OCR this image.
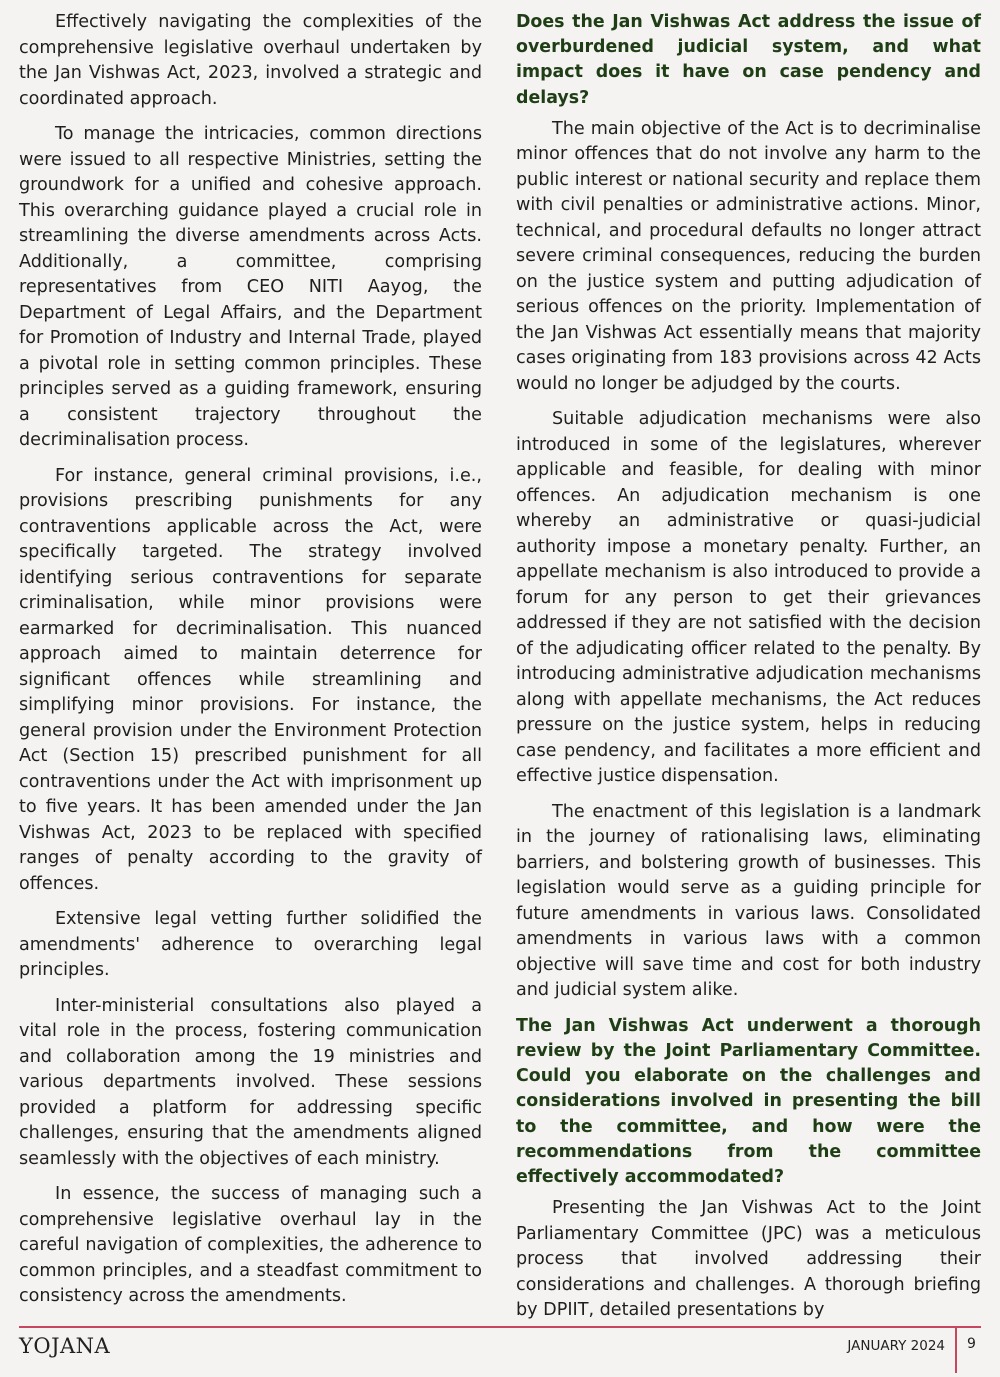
Effectively navigating the complexities of the comprehensive legislative overhaul undertaken by the Jan Vishwas Act, 2023, involved a strategic and coordinated approach.

To manage the intricacies, common directions were issued to all respective Ministries, setting the groundwork for a unified and cohesive approach. This overarching guidance played a crucial role in streamlining the diverse amendments across Acts. Additionally, a committee, comprising representatives from CEO NITI Aayog, the Department of Legal Affairs, and the Department for Promotion of Industry and Internal Trade, played a pivotal role in setting common principles. These principles served as a guiding framework, ensuring a consistent trajectory throughout the decriminalisation process.

For instance, general criminal provisions, i.e., provisions prescribing punishments for any contraventions applicable across the Act, were specifically targeted. The strategy involved identifying serious contraventions for separate criminalisation, while minor provisions were earmarked for decriminalisation. This nuanced approach aimed to maintain deterrence for significant offences while streamlining and simplifying minor provisions. For instance, the general provision under the Environment Protection Act (Section 15) prescribed punishment for all contraventions under the Act with imprisonment up to five years. It has been amended under the Jan Vishwas Act, 2023 to be replaced with specified ranges of penalty according to the gravity of offences.

Extensive legal vetting further solidified the amendments' adherence to overarching legal principles.

Inter-ministerial consultations also played a vital role in the process, fostering communication and collaboration among the 19 ministries and various departments involved. These sessions provided a platform for addressing specific challenges, ensuring that the amendments aligned seamlessly with the objectives of each ministry.

In essence, the success of managing such a comprehensive legislative overhaul lay in the careful navigation of complexities, the adherence to common principles, and a steadfast commitment to consistency across the amendments.

Does the Jan Vishwas Act address the issue of overburdened judicial system, and what impact does it have on case pendency and delays?

The main objective of the Act is to decriminalise minor offences that do not involve any harm to the public interest or national security and replace them with civil penalties or administrative actions. Minor, technical, and procedural defaults no longer attract severe criminal consequences, reducing the burden on the justice system and putting adjudication of serious offences on the priority. Implementation of the Jan Vishwas Act essentially means that majority cases originating from 183 provisions across 42 Acts would no longer be adjudged by the courts.

Suitable adjudication mechanisms were also introduced in some of the legislatures, wherever applicable and feasible, for dealing with minor offences. An adjudication mechanism is one whereby an administrative or quasi-judicial authority impose a monetary penalty. Further, an appellate mechanism is also introduced to provide a forum for any person to get their grievances addressed if they are not satisfied with the decision of the adjudicating officer related to the penalty. By introducing administrative adjudication mechanisms along with appellate mechanisms, the Act reduces pressure on the justice system, helps in reducing case pendency, and facilitates a more efficient and effective justice dispensation.

The enactment of this legislation is a landmark in the journey of rationalising laws, eliminating barriers, and bolstering growth of businesses. This legislation would serve as a guiding principle for future amendments in various laws. Consolidated amendments in various laws with a common objective will save time and cost for both industry and judicial system alike.

The Jan Vishwas Act underwent a thorough review by the Joint Parliamentary Committee. Could you elaborate on the challenges and considerations involved in presenting the bill to the committee, and how were the recommendations from the committee effectively accommodated?

Presenting the Jan Vishwas Act to the Joint Parliamentary Committee (JPC) was a meticulous process that involved addressing their considerations and challenges. A thorough briefing by DPIIT, detailed presentations by

YOJANA	JANUARY 2024 9
